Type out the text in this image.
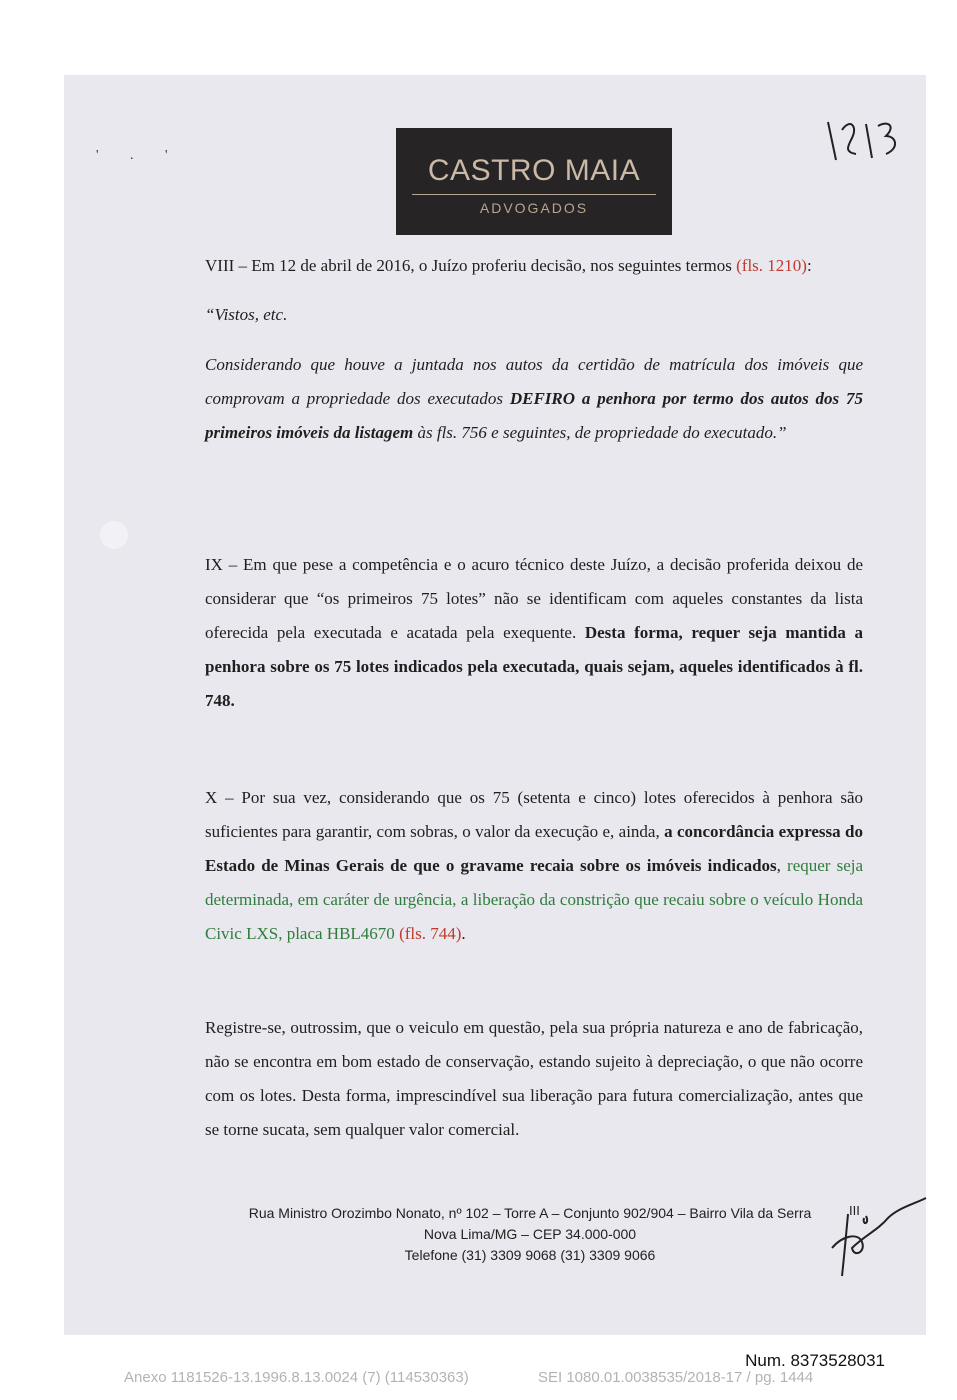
' . '	CASTRO MAIA
ADVOGADOS
VIII – Em 12 de abril de 2016, o Juízo proferiu decisão, nos seguintes termos (fls. 1210):
“Vistos, etc.
Considerando que houve a juntada nos autos da certidão de matrícula dos imóveis que comprovam a propriedade dos executados DEFIRO a penhora por termo dos autos dos 75 primeiros imóveis da listagem às fls. 756 e seguintes, de propriedade do executado.”
IX – Em que pese a competência e o acuro técnico deste Juízo, a decisão proferida deixou de considerar que “os primeiros 75 lotes” não se identificam com aqueles constantes da lista oferecida pela executada e acatada pela exequente. Desta forma, requer seja mantida a penhora sobre os 75 lotes indicados pela executada, quais sejam, aqueles identificados à fl. 748.
X – Por sua vez, considerando que os 75 (setenta e cinco) lotes oferecidos à penhora são suficientes para garantir, com sobras, o valor da execução e, ainda, a concordância expressa do Estado de Minas Gerais de que o gravame recaia sobre os imóveis indicados, requer seja determinada, em caráter de urgência, a liberação da constrição que recaiu sobre o veículo Honda Civic LXS, placa HBL4670 (fls. 744).
Registre-se, outrossim, que o veiculo em questão, pela sua própria natureza e ano de fabricação, não se encontra em bom estado de conservação, estando sujeito à depreciação, o que não ocorre com os lotes. Desta forma, imprescindível sua liberação para futura comercialização, antes que se torne sucata, sem qualquer valor comercial.
Rua Ministro Orozimbo Nonato, nº 102 – Torre A – Conjunto 902/904 – Bairro Vila da Serra
Nova Lima/MG – CEP 34.000-000
Telefone (31) 3309 9068 (31) 3309 9066
III
Num. 8373528031
Anexo 1181526-13.1996.8.13.0024 (7) (114530363)	SEI 1080.01.0038535/2018-17 / pg. 1444
